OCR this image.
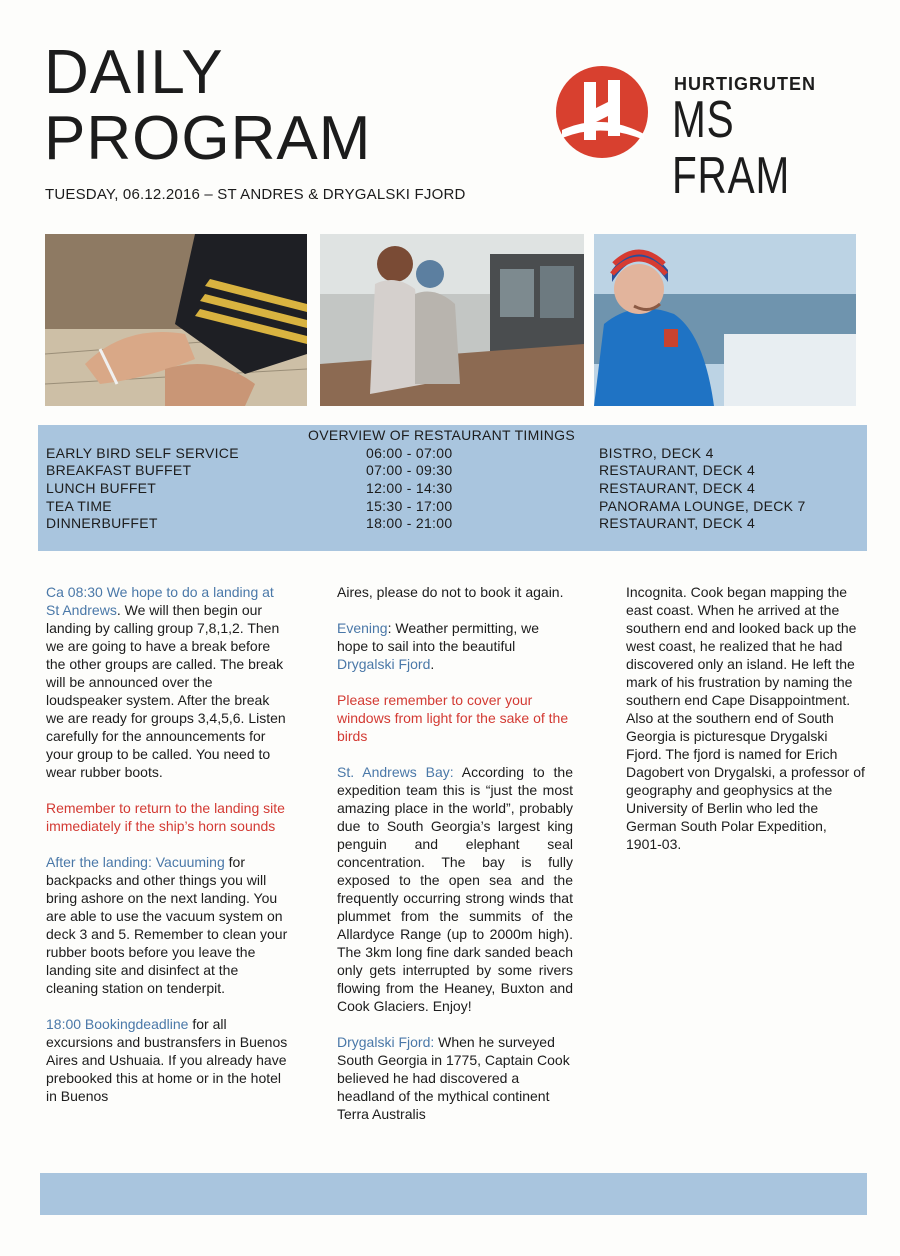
DAILY
PROGRAM
TUESDAY, 06.12.2016 – ST ANDRES & DRYGALSKI FJORD
HURTIGRUTEN
MS FRAM
OVERVIEW OF RESTAURANT TIMINGS
EARLY BIRD SELF SERVICE	06:00 - 07:00	BISTRO, DECK 4
BREAKFAST BUFFET	07:00 - 09:30	RESTAURANT, DECK 4
LUNCH BUFFET	12:00 - 14:30	RESTAURANT, DECK 4
TEA TIME	15:30 - 17:00	PANORAMA LOUNGE, DECK 7
DINNERBUFFET	18:00 - 21:00	RESTAURANT, DECK 4

Ca 08:30 We hope to do a landing at St Andrews. We will then begin our landing by calling group 7,8,1,2. Then we are going to have a break before the other groups are called. The break will be announced over the loudspeaker system. After the break we are ready for groups 3,4,5,6. Listen carefully for the announcements for your group to be called. You need to wear rubber boots.

Remember to return to the landing site immediately if the ship’s horn sounds

After the landing: Vacuuming for backpacks and other things you will bring ashore on the next landing. You are able to use the vacuum system on deck 3 and 5. Remember to clean your rubber boots before you leave the landing site and disinfect at the cleaning station on tenderpit.

18:00 Bookingdeadline for all excursions and bustransfers in Buenos Aires and Ushuaia. If you already have prebooked this at home or in the hotel in Buenos

Aires, please do not to book it again.

Evening: Weather permitting, we hope to sail into the beautiful Drygalski Fjord.

Please remember to cover your windows from light for the sake of the birds

St. Andrews Bay: According to the expedition team this is “just the most amazing place in the world”, probably due to South Georgia’s largest king penguin and elephant seal concentration. The bay is fully exposed to the open sea and the frequently occurring strong winds that plummet from the summits of the Allardyce Range (up to 2000m high). The 3km long fine dark sanded beach only gets interrupted by some rivers flowing from the Heaney, Buxton and Cook Glaciers. Enjoy!

Drygalski Fjord: When he surveyed South Georgia in 1775, Captain Cook believed he had discovered a headland of the mythical continent Terra Australis

Incognita. Cook began mapping the east coast. When he arrived at the southern end and looked back up the west coast, he realized that he had discovered only an island. He left the mark of his frustration by naming the southern end Cape Disappointment. Also at the southern end of South Georgia is picturesque Drygalski Fjord. The fjord is named for Erich Dagobert von Drygalski, a professor of geography and geophysics at the University of Berlin who led the German South Polar Expedition, 1901-03.
